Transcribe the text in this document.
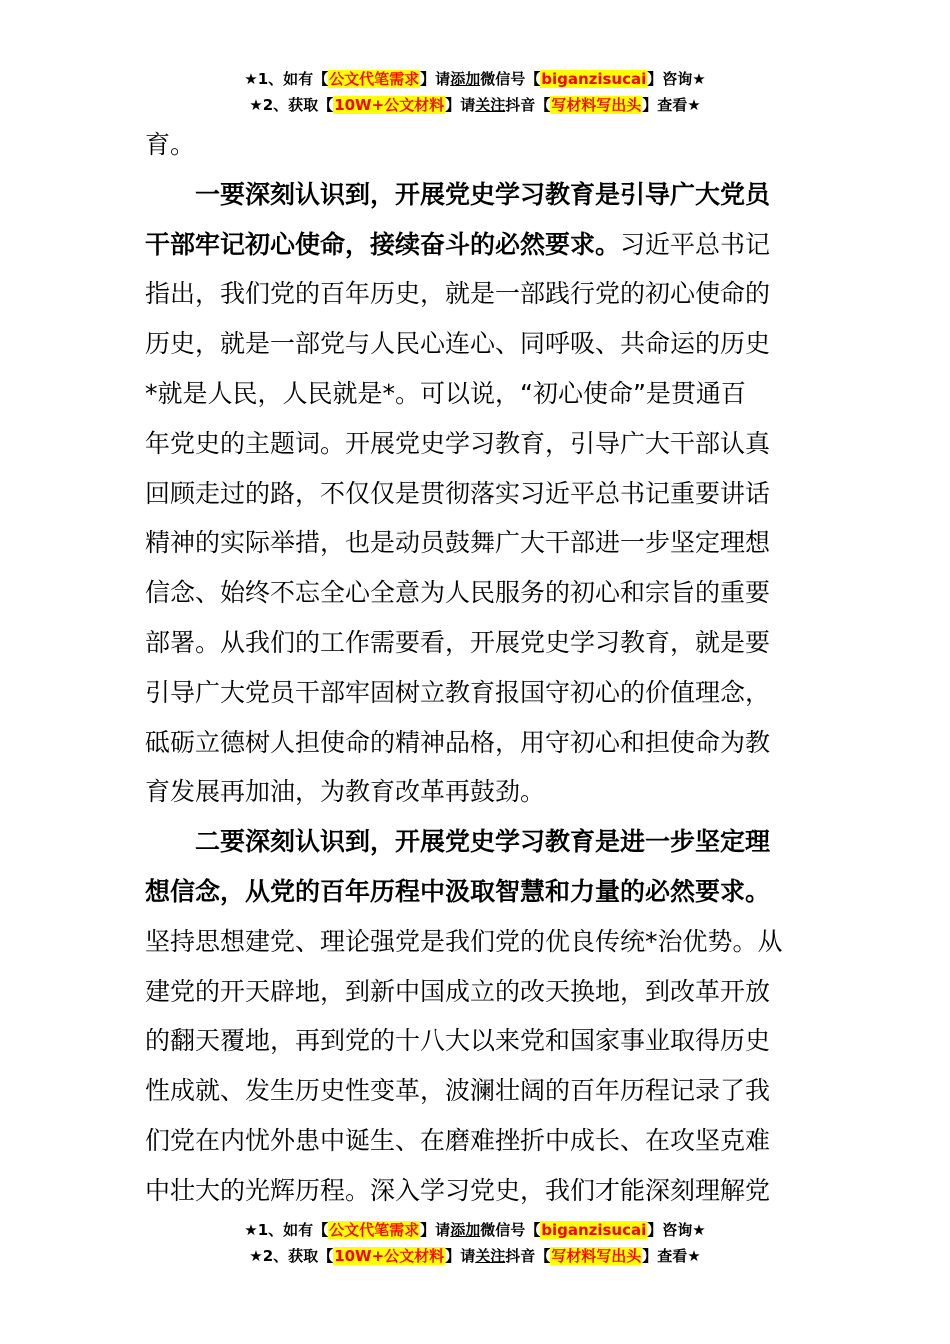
★1、如有【公文代笔需求】请添加微信号【biganzisucai】咨询★
★2、获取【10W+公文材料】请关注抖音【写材料写出头】查看★
育。
一要深刻认识到，开展党史学习教育是引导广大党员
干部牢记初心使命，接续奋斗的必然要求。习近平总书记
指出，我们党的百年历史，就是一部践行党的初心使命的
历史，就是一部党与人民心连心、同呼吸、共命运的历史
*就是人民，人民就是*。可以说，“初心使命”是贯通百
年党史的主题词。开展党史学习教育，引导广大干部认真
回顾走过的路，不仅仅是贯彻落实习近平总书记重要讲话
精神的实际举措，也是动员鼓舞广大干部进一步坚定理想
信念、始终不忘全心全意为人民服务的初心和宗旨的重要
部署。从我们的工作需要看，开展党史学习教育，就是要
引导广大党员干部牢固树立教育报国守初心的价值理念，
砥砺立德树人担使命的精神品格，用守初心和担使命为教
育发展再加油，为教育改革再鼓劲。
二要深刻认识到，开展党史学习教育是进一步坚定理
想信念，从党的百年历程中汲取智慧和力量的必然要求。
坚持思想建党、理论强党是我们党的优良传统*治优势。从
建党的开天辟地，到新中国成立的改天换地，到改革开放
的翻天覆地，再到党的十八大以来党和国家事业取得历史
性成就、发生历史性变革，波澜壮阔的百年历程记录了我
们党在内忧外患中诞生、在磨难挫折中成长、在攻坚克难
中壮大的光辉历程。深入学习党史，我们才能深刻理解党
★1、如有【公文代笔需求】请添加微信号【biganzisucai】咨询★
★2、获取【10W+公文材料】请关注抖音【写材料写出头】查看★
